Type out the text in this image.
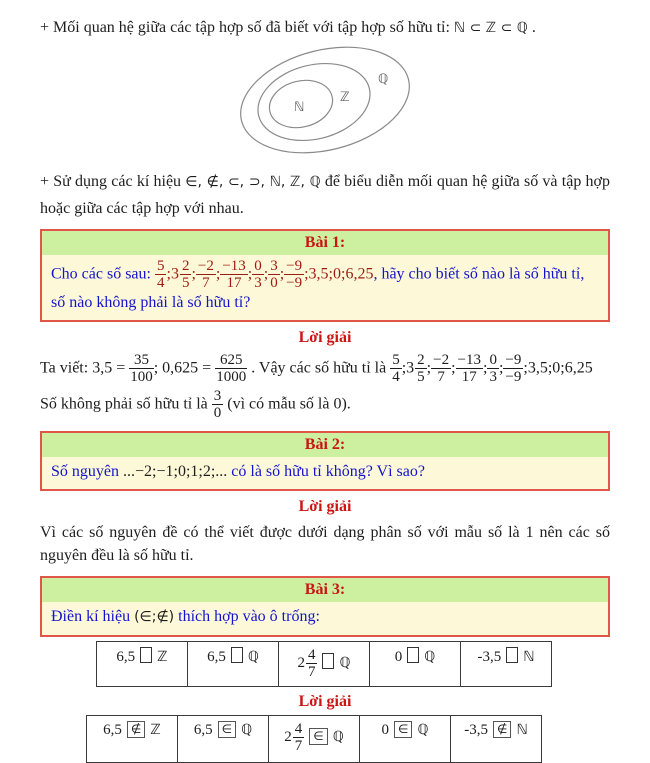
+ Mối quan hệ giữa các tập hợp số đã biết với tập hợp số hữu tỉ: ℕ ⊂ ℤ ⊂ ℚ .

ℚ
ℤ
ℕ

+ Sử dụng các kí hiệu ∈, ∉, ⊂, ⊃, ℕ, ℤ, ℚ để biểu diễn mối quan hệ giữa số và tập hợp hoặc giữa các tập hợp với nhau.

Bài 1:
Cho các số sau: $\frac{5}{4}$ ;3 $\frac{2}{5}$ ; $\frac{-2}{7}$ ; $\frac{-13}{17}$ ; $\frac{0}{3}$ ; $\frac{3}{0}$ ; $\frac{-9}{-9}$ ;3,5;0;6,25, hãy cho biết số nào là số hữu tỉ, số nào không phải là số hữu tỉ?
Lời giải

Ta viết: $3,5 = \frac{35}{100}$ ; $0,625 = \frac{625}{1000}$ . Vậy các số hữu tỉ là $\frac{5}{4}$ ;3 $\frac{2}{5}$ ; $\frac{-2}{7}$ ; $\frac{-13}{17}$ ; $\frac{0}{3}$ ; $\frac{-9}{-9}$ ;3,5;0;6,25

Số không phải số hữu tỉ là $\frac{3}{0}$ (vì có mẫu số là 0).

Bài 2:
Số nguyên ...−2;−1;0;1;2;... có là số hữu tỉ không? Vì sao?
Lời giải

Vì các số nguyên đề có thể viết được dưới dạng phân số với mẫu số là 1 nên các số nguyên đều là số hữu tỉ.

Bài 3:
Điền kí hiệu (∈;∉) thích hợp vào ô trống:
6,5 ℤ	6,5 ℚ	$2 \frac{4}{7}$ ℚ	0 ℚ	-3,5 ℕ
Lời giải
6,5 ∉ ℤ	6,5 ∈ ℚ	$2 \frac{4}{7}$ ∈ ℚ	0 ∈ ℚ	-3,5 ∉ ℕ
